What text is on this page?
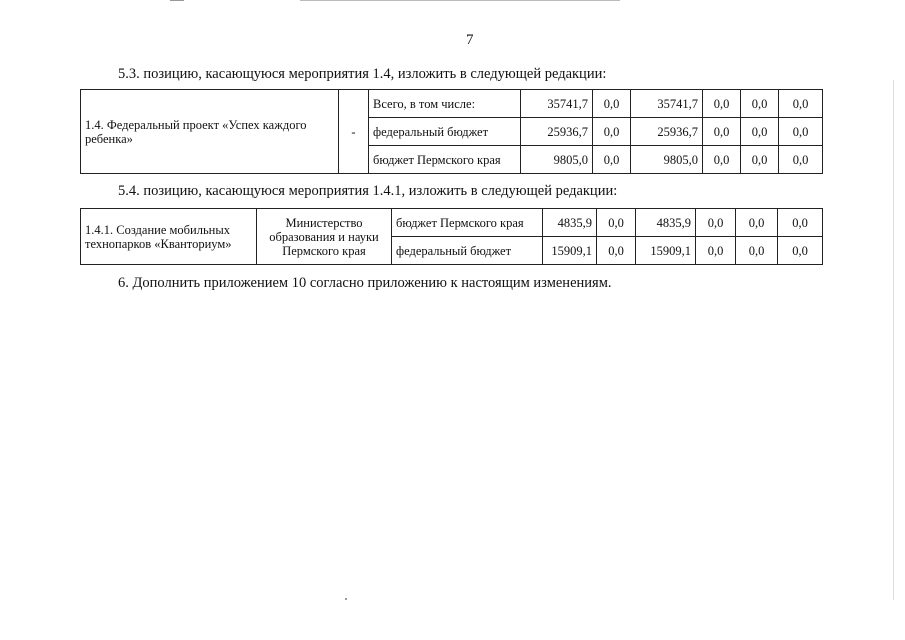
7
5.3. позицию, касающуюся мероприятия 1.4, изложить в следующей редакции:
1.4. Федеральный проект «Успех каждого ребенка»	-	Всего, в том числе:	35741,7	0,0	35741,7	0,0	0,0	0,0
		федеральный бюджет	25936,7	0,0	25936,7	0,0	0,0	0,0
		бюджет Пермского края	9805,0	0,0	9805,0	0,0	0,0	0,0
5.4. позицию, касающуюся мероприятия 1.4.1, изложить в следующей редакции:
1.4.1. Создание мобильных технопарков «Кванториум»	Министерство образования и науки Пермского края	бюджет Пермского края	4835,9	0,0	4835,9	0,0	0,0	0,0
		федеральный бюджет	15909,1	0,0	15909,1	0,0	0,0	0,0
6. Дополнить приложением 10 согласно приложению к настоящим изменениям.
